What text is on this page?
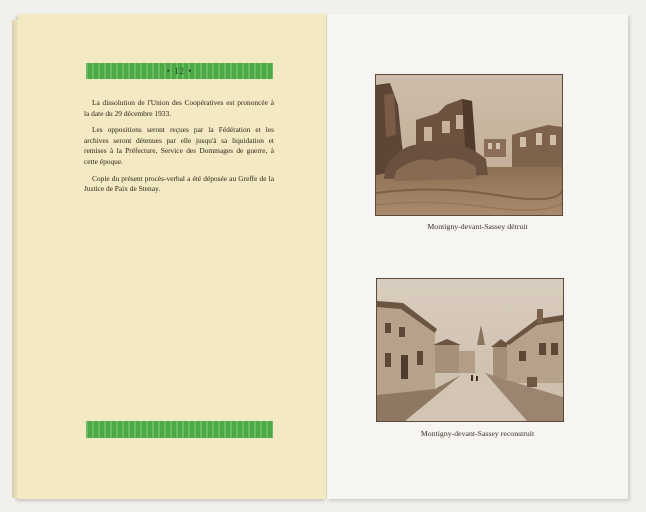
• 12 •

La dissolution de l'Union des Coopératives est prononcée à la date du 29 décembre 1933.

Les oppositions seront reçues par la Fédération et les archives seront détenues par elle jusqu'à sa liquidation et remises à la Préfecture, Service des Dommages de guerre, à cette époque.

Copie du présent procès-verbal a été déposée au Greffe de la Justice de Paix de Stenay.

Montigny-devant-Sassey détruit
Montigny-devant-Sassey reconstruit
